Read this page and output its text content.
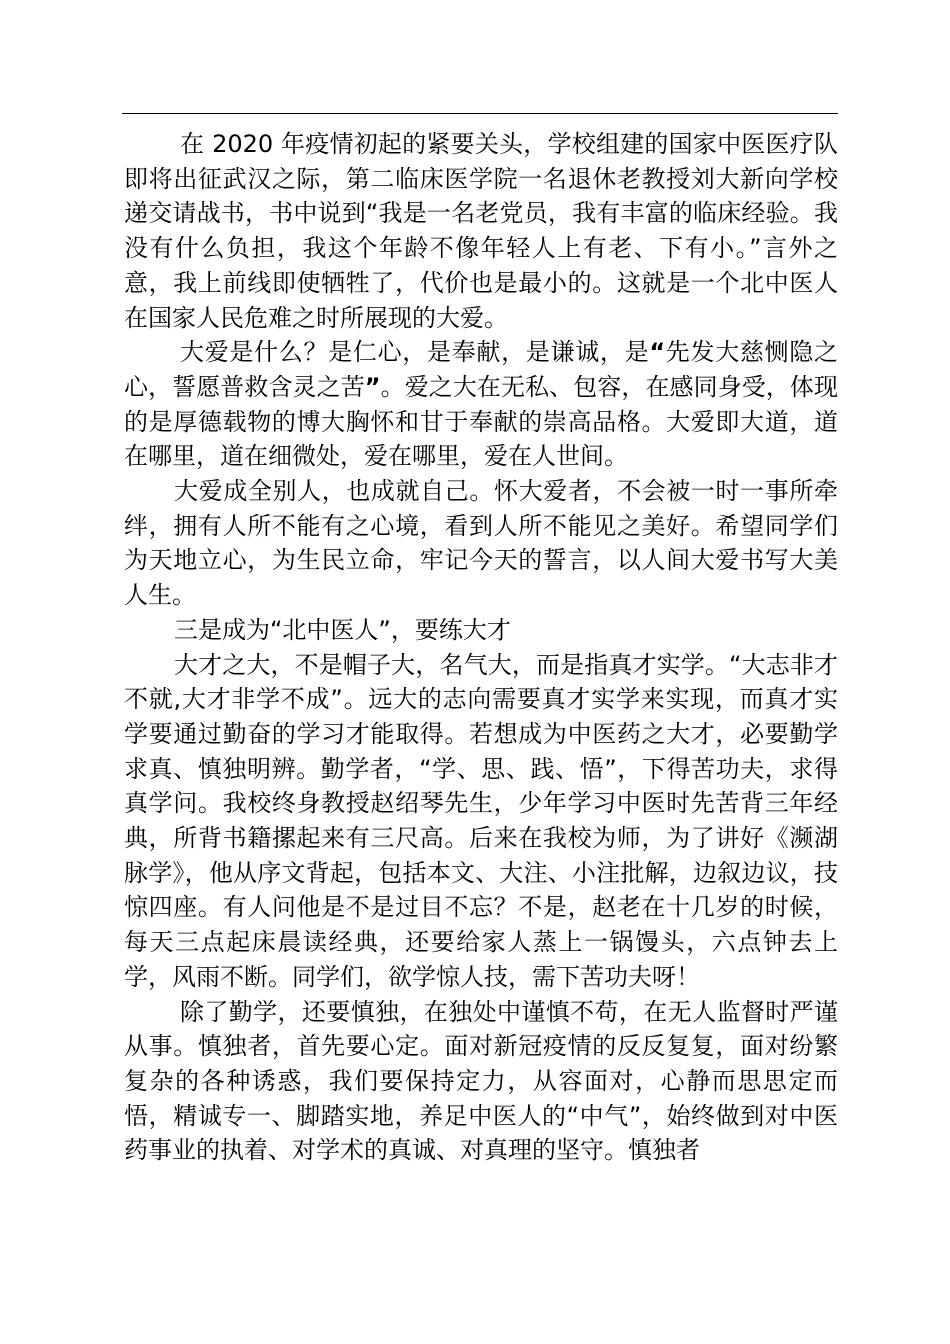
在 2020 年疫情初起的紧要关头，学校组建的国家中医医疗队即将出征武汉之际，第二临床医学院一名退休老教授刘大新向学校递交请战书，书中说到“我是一名老党员，我有丰富的临床经验。我没有什么负担，我这个年龄不像年轻人上有老、下有小。”言外之意，我上前线即使牺牲了，代价也是最小的。这就是一个北中医人在国家人民危难之时所展现的大爱。

大爱是什么？是仁心，是奉献，是谦诚，是“先发大慈恻隐之心，誓愿普救含灵之苦”。爱之大在无私、包容，在感同身受，体现的是厚德载物的博大胸怀和甘于奉献的崇高品格。大爱即大道，道在哪里，道在细微处，爱在哪里，爱在人世间。

大爱成全别人，也成就自己。怀大爱者，不会被一时一事所牵绊，拥有人所不能有之心境，看到人所不能见之美好。希望同学们为天地立心，为生民立命，牢记今天的誓言，以人间大爱书写大美人生。

三是成为“北中医人”，要练大才

大才之大，不是帽子大，名气大，而是指真才实学。“大志非才不就,大才非学不成”。远大的志向需要真才实学来实现，而真才实学要通过勤奋的学习才能取得。若想成为中医药之大才，必要勤学求真、慎独明辨。勤学者，“学、思、践、悟”，下得苦功夫，求得真学问。我校终身教授赵绍琴先生，少年学习中医时先苦背三年经典，所背书籍摞起来有三尺高。后来在我校为师，为了讲好《濒湖脉学》，他从序文背起，包括本文、大注、小注批解，边叙边议，技惊四座。有人问他是不是过目不忘？不是，赵老在十几岁的时候，每天三点起床晨读经典，还要给家人蒸上一锅馒头，六点钟去上学，风雨不断。同学们，欲学惊人技，需下苦功夫呀！

除了勤学，还要慎独，在独处中谨慎不苟，在无人监督时严谨从事。慎独者，首先要心定。面对新冠疫情的反反复复，面对纷繁复杂的各种诱惑，我们要保持定力，从容面对，心静而思思定而悟，精诚专一、脚踏实地，养足中医人的“中气”，始终做到对中医药事业的执着、对学术的真诚、对真理的坚守。慎独者
